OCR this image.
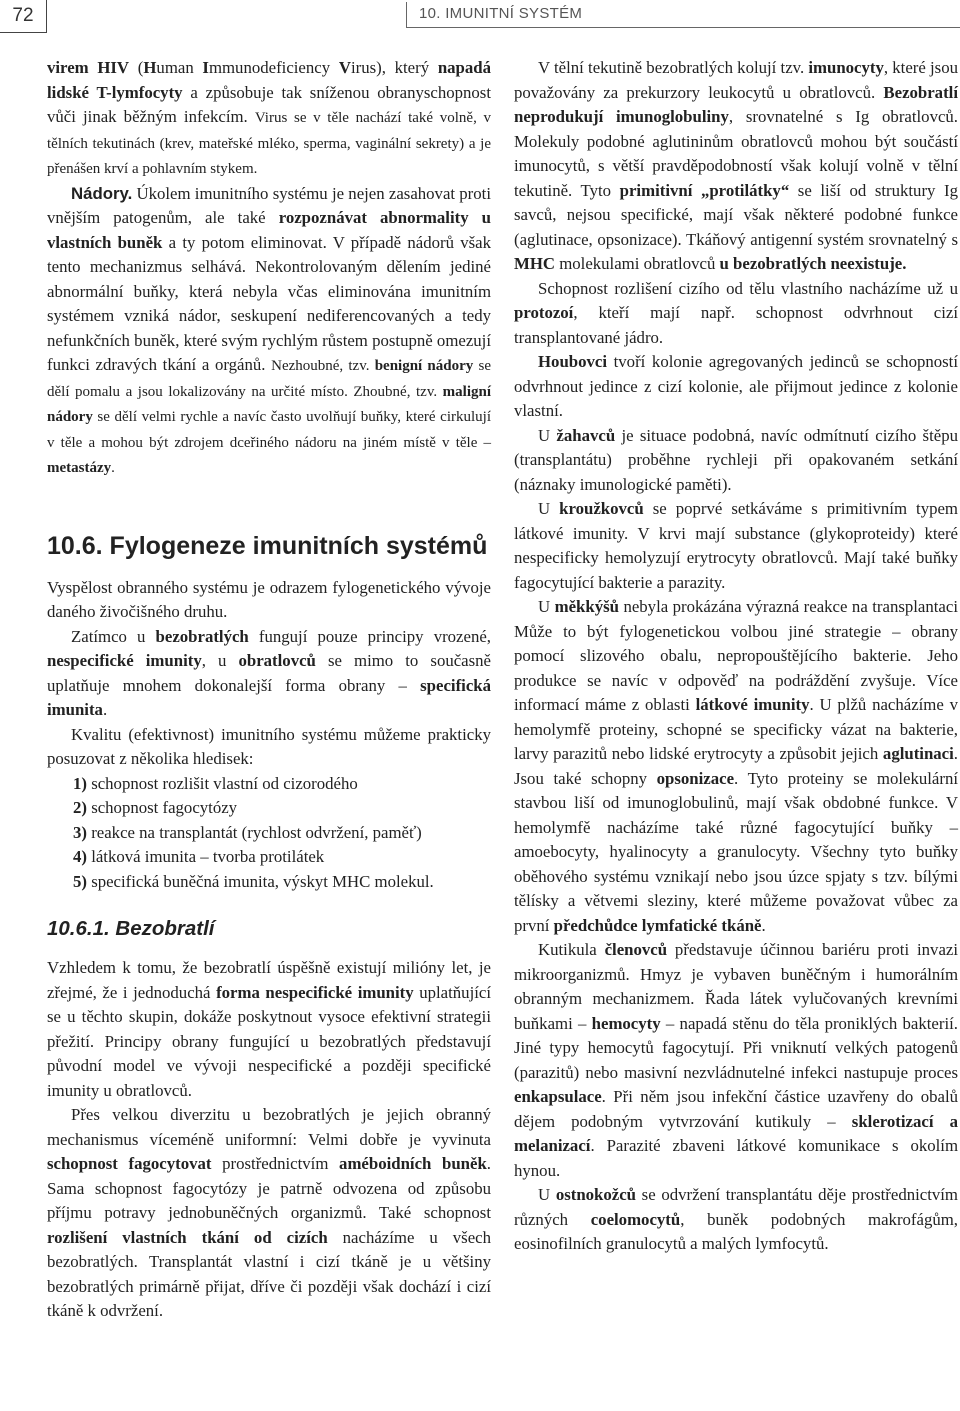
72	10. IMUNITNÍ SYSTÉM

virem HIV (Human Immunodeficiency Virus), který napadá lidské T-lymfocyty a způsobuje tak sníženou obranyschopnost vůči jinak běžným infekcím. Virus se v těle nachází také volně, v tělních tekutinách (krev, mateřské mléko, sperma, vaginální sekrety) a je přenášen krví a pohlavním stykem.

Nádory. Úkolem imunitního systému je nejen zasahovat proti vnějším patogenům, ale také rozpoznávat abnormality u vlastních buněk a ty potom eliminovat. V případě nádorů však tento mechanizmus selhává. Nekontrolovaným dělením jediné abnormální buňky, která nebyla včas eliminována imunitním systémem vzniká nádor, seskupení nediferencovaných a tedy nefunkčních buněk, které svým rychlým růstem postupně omezují funkci zdravých tkání a orgánů. Nezhoubné, tzv. benigní nádory se dělí pomalu a jsou lokalizovány na určité místo. Zhoubné, tzv. maligní nádory se dělí velmi rychle a navíc často uvolňují buňky, které cirkulují v těle a mohou být zdrojem dceřiného nádoru na jiném místě v těle – metastázy.

10.6. Fylogeneze imunitních systémů

Vyspělost obranného systému je odrazem fylogenetického vývoje daného živočišného druhu.

Zatímco u bezobratlých fungují pouze principy vrozené, nespecifické imunity, u obratlovců se mimo to současně uplatňuje mnohem dokonalejší forma obrany – specifická imunita.

Kvalitu (efektivnost) imunitního systému můžeme prakticky posuzovat z několika hledisek:

1) schopnost rozlišit vlastní od cizorodého
2) schopnost fagocytózy
3) reakce na transplantát (rychlost odvržení, paměť)
4) látková imunita – tvorba protilátek
5) specifická buněčná imunita, výskyt MHC molekul.
10.6.1. Bezobratlí

Vzhledem k tomu, že bezobratlí úspěšně existují milióny let, je zřejmé, že i jednoduchá forma nespecifické imunity uplatňující se u těchto skupin, dokáže poskytnout vysoce efektivní strategii přežití. Principy obrany fungující u bezobratlých představují původní model ve vývoji nespecifické a později specifické imunity u obratlovců.

Přes velkou diverzitu u bezobratlých je jejich obranný mechanismus víceméně uniformní: Velmi dobře je vyvinuta schopnost fagocytovat prostřednictvím améboidních buněk. Sama schopnost fagocytózy je patrně odvozena od způsobu příjmu potravy jednobuněčných organizmů. Také schopnost rozlišení vlastních tkání od cizích nacházíme u všech bezobratlých. Transplantát vlastní i cizí tkáně je u většiny bezobratlých primárně přijat, dříve či později však dochází i cizí tkáně k odvržení.

V tělní tekutině bezobratlých kolují tzv. imunocyty, které jsou považovány za prekurzory leukocytů u obratlovců. Bezobratlí neprodukují imunoglobuliny, srovnatelné s Ig obratlovců. Molekuly podobné aglutininům obratlovců mohou být součástí imunocytů, s větší pravděpodobností však kolují volně v tělní tekutině. Tyto primitivní „protilátky“ se liší od struktury Ig savců, nejsou specifické, mají však některé podobné funkce (aglutinace, opsonizace). Tkáňový antigenní systém srovnatelný s MHC molekulami obratlovců u bezobratlých neexistuje.

Schopnost rozlišení cizího od tělu vlastního nacházíme už u protozoí, kteří mají např. schopnost odvrhnout cizí transplantované jádro.

Houbovci tvoří kolonie agregovaných jedinců se schopností odvrhnout jedince z cizí kolonie, ale přijmout jedince z kolonie vlastní.

U žahavců je situace podobná, navíc odmítnutí cizího štěpu (transplantátu) proběhne rychleji při opakovaném setkání (náznaky imunologické paměti).

U kroužkovců se poprvé setkáváme s primitivním typem látkové imunity. V krvi mají substance (glykoproteidy) které nespecificky hemolyzují erytrocyty obratlovců. Mají také buňky fagocytující bakterie a parazity.

U měkkýšů nebyla prokázána výrazná reakce na transplantaci Může to být fylogenetickou volbou jiné strategie – obrany pomocí slizového obalu, nepropouštějícího bakterie. Jeho produkce se navíc v odpověď na podráždění zvyšuje. Více informací máme z oblasti látkové imunity. U plžů nacházíme v hemolymfě proteiny, schopné se specificky vázat na bakterie, larvy parazitů nebo lidské erytrocyty a způsobit jejich aglutinaci. Jsou také schopny opsonizace. Tyto proteiny se molekulární stavbou liší od imunoglobulinů, mají však obdobné funkce. V hemolymfě nacházíme také různé fagocytující buňky – amoebocyty, hyalinocyty a granulocyty. Všechny tyto buňky oběhového systému vznikají nebo jsou úzce spjaty s tzv. bílými tělísky a větvemi sleziny, které můžeme považovat vůbec za první předchůdce lymfatické tkáně.

Kutikula členovců představuje účinnou bariéru proti invazi mikroorganizmů. Hmyz je vybaven buněčným i humorálním obranným mechanizmem. Řada látek vylučovaných krevními buňkami – hemocyty – napadá stěnu do těla proniklých bakterií. Jiné typy hemocytů fagocytují. Při vniknutí velkých patogenů (parazitů) nebo masivní nezvládnutelné infekci nastupuje proces enkapsulace. Při něm jsou infekční částice uzavřeny do obalů dějem podobným vytvrzování kutikuly – sklerotizací a melanizací. Parazité zbaveni látkové komunikace s okolím hynou.

U ostnokožců se odvržení transplantátu děje prostřednictvím různých coelomocytů, buněk podobných makrofágům, eosinofilních granulocytů a malých lymfocytů.
